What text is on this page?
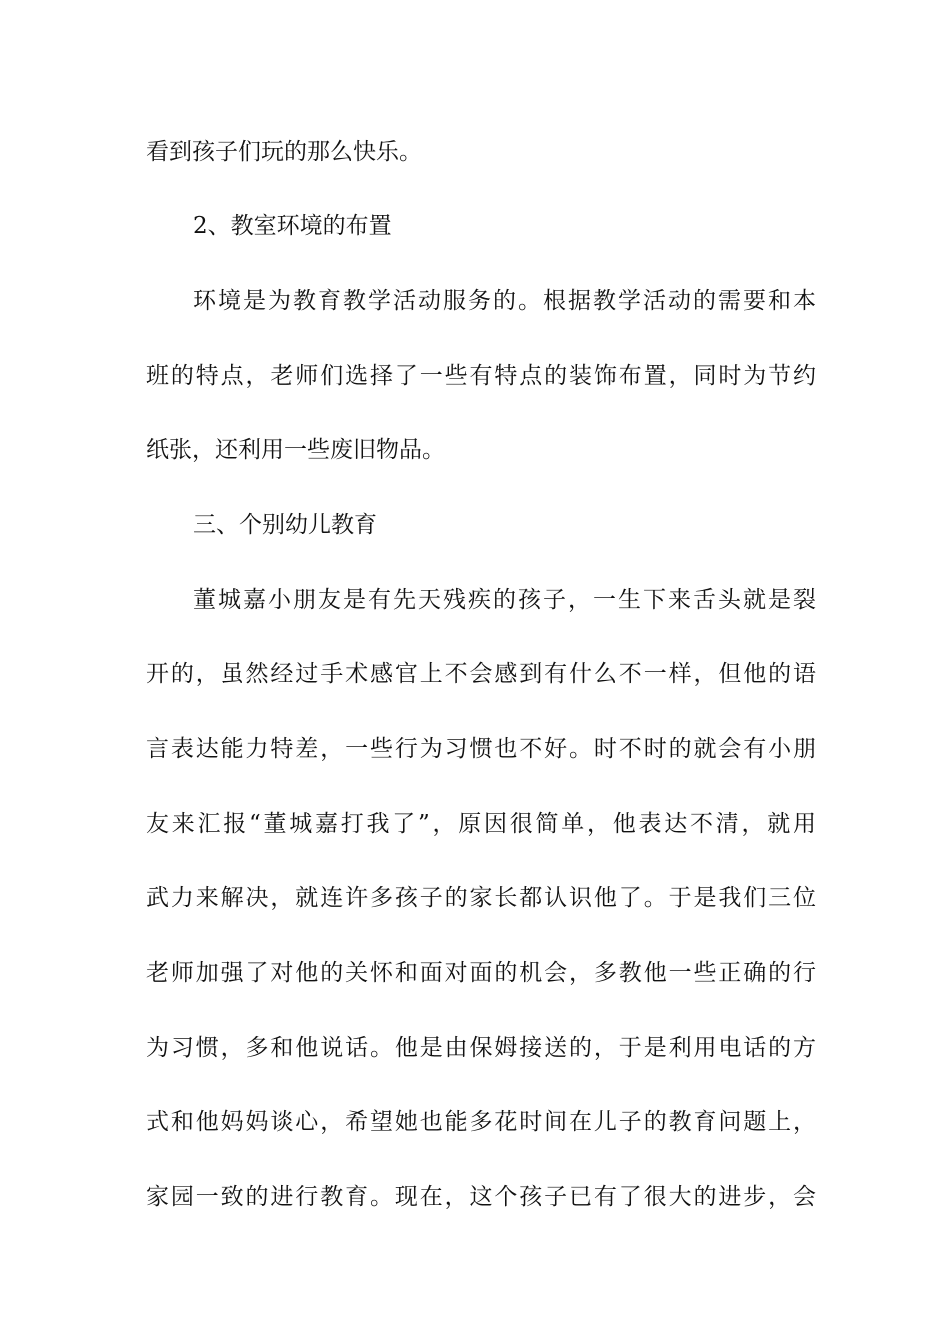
看到孩子们玩的那么快乐。
2、教室环境的布置
环境是为教育教学活动服务的。根据教学活动的需要和本
班的特点，老师们选择了一些有特点的装饰布置，同时为节约
纸张，还利用一些废旧物品。
三、个别幼儿教育
董城嘉小朋友是有先天残疾的孩子，一生下来舌头就是裂
开的，虽然经过手术感官上不会感到有什么不一样，但他的语
言表达能力特差，一些行为习惯也不好。时不时的就会有小朋
友来汇报“董城嘉打我了”，原因很简单，他表达不清，就用
武力来解决，就连许多孩子的家长都认识他了。于是我们三位
老师加强了对他的关怀和面对面的机会，多教他一些正确的行
为习惯，多和他说话。他是由保姆接送的，于是利用电话的方
式和他妈妈谈心，希望她也能多花时间在儿子的教育问题上，
家园一致的进行教育。现在，这个孩子已有了很大的进步，会
